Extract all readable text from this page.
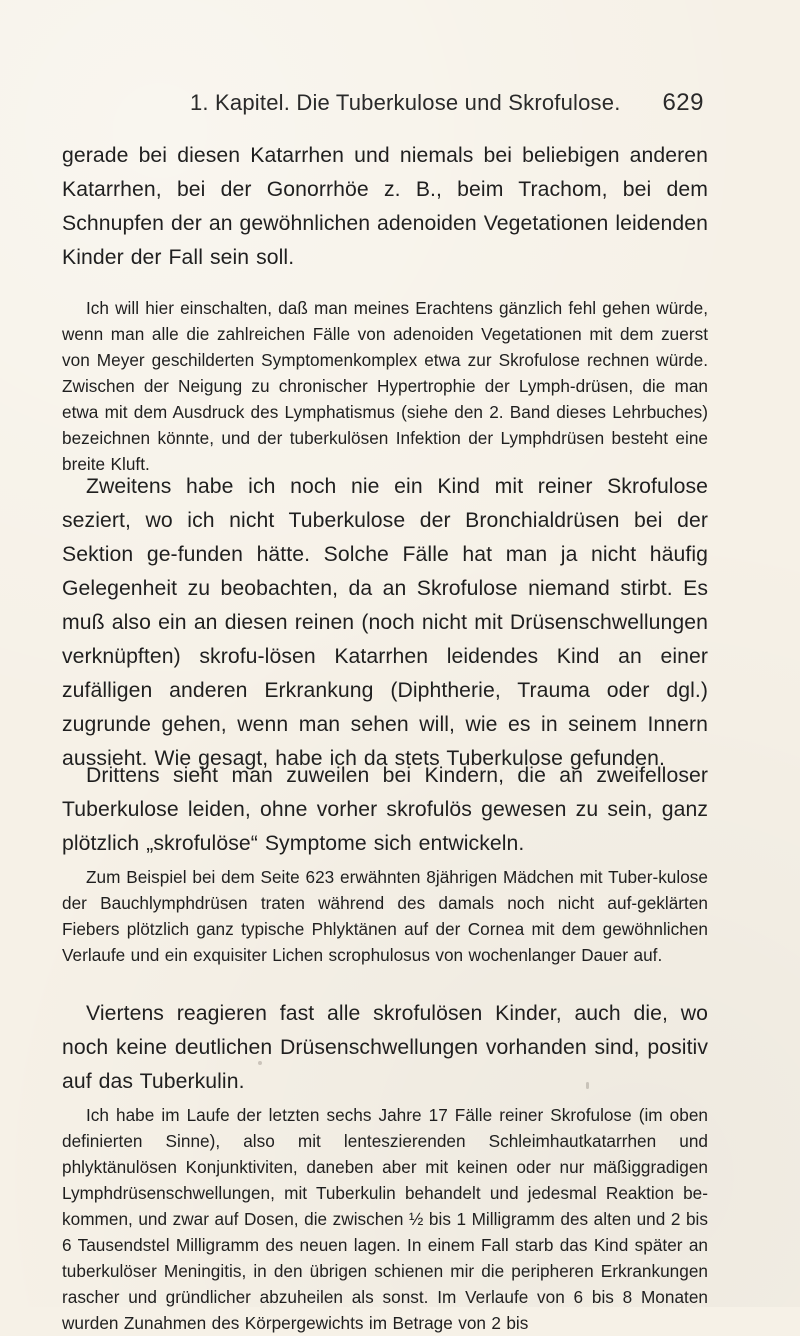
1. Kapitel. Die Tuberkulose und Skrofulose. 629

gerade bei diesen Katarrhen und niemals bei beliebigen anderen Katarrhen, bei der Gonorrhöe z. B., beim Trachom, bei dem Schnupfen der an gewöhnlichen adenoiden Vegetationen leidenden Kinder der Fall sein soll.

Ich will hier einschalten, daß man meines Erachtens gänzlich fehl gehen würde, wenn man alle die zahlreichen Fälle von adenoiden Vegetationen mit dem zuerst von Meyer geschilderten Symptomenkomplex etwa zur Skrofulose rechnen würde. Zwischen der Neigung zu chronischer Hypertrophie der Lymph-drüsen, die man etwa mit dem Ausdruck des Lymphatismus (siehe den 2. Band dieses Lehrbuches) bezeichnen könnte, und der tuberkulösen Infektion der Lymphdrüsen besteht eine breite Kluft.

Zweitens habe ich noch nie ein Kind mit reiner Skrofulose seziert, wo ich nicht Tuberkulose der Bronchialdrüsen bei der Sektion ge-funden hätte. Solche Fälle hat man ja nicht häufig Gelegenheit zu beobachten, da an Skrofulose niemand stirbt. Es muß also ein an diesen reinen (noch nicht mit Drüsenschwellungen verknüpften) skrofu-lösen Katarrhen leidendes Kind an einer zufälligen anderen Erkrankung (Diphtherie, Trauma oder dgl.) zugrunde gehen, wenn man sehen will, wie es in seinem Innern aussieht. Wie gesagt, habe ich da stets Tuberkulose gefunden.

Drittens sieht man zuweilen bei Kindern, die an zweifelloser Tuberkulose leiden, ohne vorher skrofulös gewesen zu sein, ganz plötzlich „skrofulöse“ Symptome sich entwickeln.

Zum Beispiel bei dem Seite 623 erwähnten 8jährigen Mädchen mit Tuber-kulose der Bauchlymphdrüsen traten während des damals noch nicht auf-geklärten Fiebers plötzlich ganz typische Phlyktänen auf der Cornea mit dem gewöhnlichen Verlaufe und ein exquisiter Lichen scrophulosus von wochenlanger Dauer auf.

Viertens reagieren fast alle skrofulösen Kinder, auch die, wo noch keine deutlichen Drüsenschwellungen vorhanden sind, positiv auf das Tuberkulin.

Ich habe im Laufe der letzten sechs Jahre 17 Fälle reiner Skrofulose (im oben definierten Sinne), also mit lenteszierenden Schleimhautkatarrhen und phlyktänulösen Konjunktiviten, daneben aber mit keinen oder nur mäßiggradigen Lymphdrüsenschwellungen, mit Tuberkulin behandelt und jedesmal Reaktion be-kommen, und zwar auf Dosen, die zwischen ½ bis 1 Milligramm des alten und 2 bis 6 Tausendstel Milligramm des neuen lagen. In einem Fall starb das Kind später an tuberkulöser Meningitis, in den übrigen schienen mir die peripheren Erkrankungen rascher und gründlicher abzuheilen als sonst. Im Verlaufe von 6 bis 8 Monaten wurden Zunahmen des Körpergewichts im Betrage von 2 bis
